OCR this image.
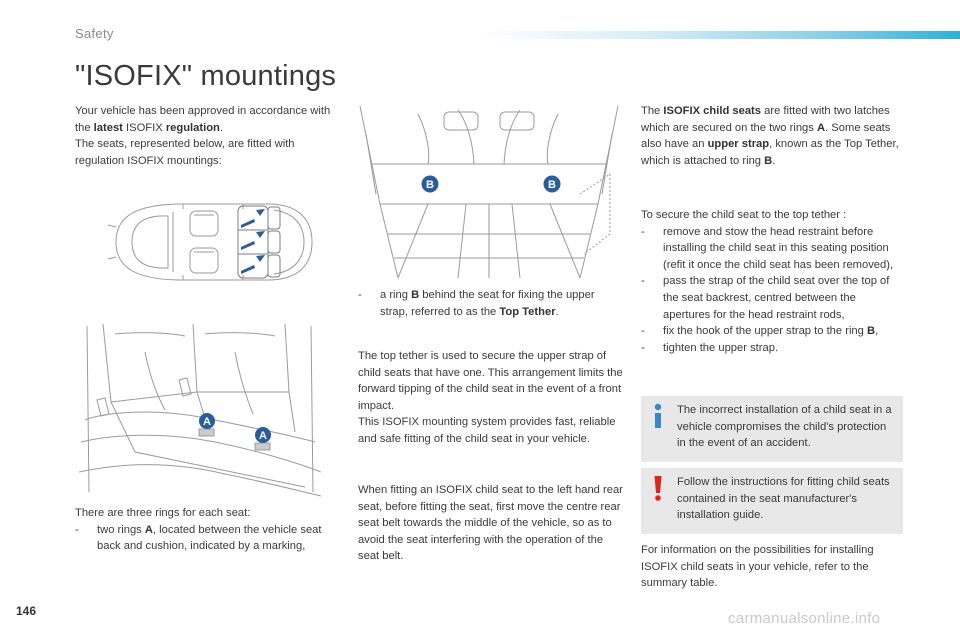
Safety
"ISOFIX" mountings
Your vehicle has been approved in accordance with the latest ISOFIX regulation.
The seats, represented below, are fitted with regulation ISOFIX mountings:
A
A
There are three rings for each seat:
- two rings A, located between the vehicle seat back and cushion, indicated by a marking,
B	B
- a ring B behind the seat for fixing the upper strap, referred to as the Top Tether.
The top tether is used to secure the upper strap of child seats that have one. This arrangement limits the forward tipping of the child seat in the event of a front impact.
This ISOFIX mounting system provides fast, reliable and safe fitting of the child seat in your vehicle.
When fitting an ISOFIX child seat to the left hand rear seat, before fitting the seat, first move the centre rear seat belt towards the middle of the vehicle, so as to avoid the seat interfering with the operation of the seat belt.
The ISOFIX child seats are fitted with two latches which are secured on the two rings A. Some seats also have an upper strap, known as the Top Tether, which is attached to ring B.
To secure the child seat to the top tether :
- remove and stow the head restraint before installing the child seat in this seating position (refit it once the child seat has been removed),
- pass the strap of the child seat over the top of the seat backrest, centred between the apertures for the head restraint rods,
- fix the hook of the upper strap to the ring B,
- tighten the upper strap.
The incorrect installation of a child seat in a vehicle compromises the child's protection in the event of an accident.
Follow the instructions for fitting child seats contained in the seat manufacturer's installation guide.
For information on the possibilities for installing ISOFIX child seats in your vehicle, refer to the summary table.
146	carmanualsonline.info
